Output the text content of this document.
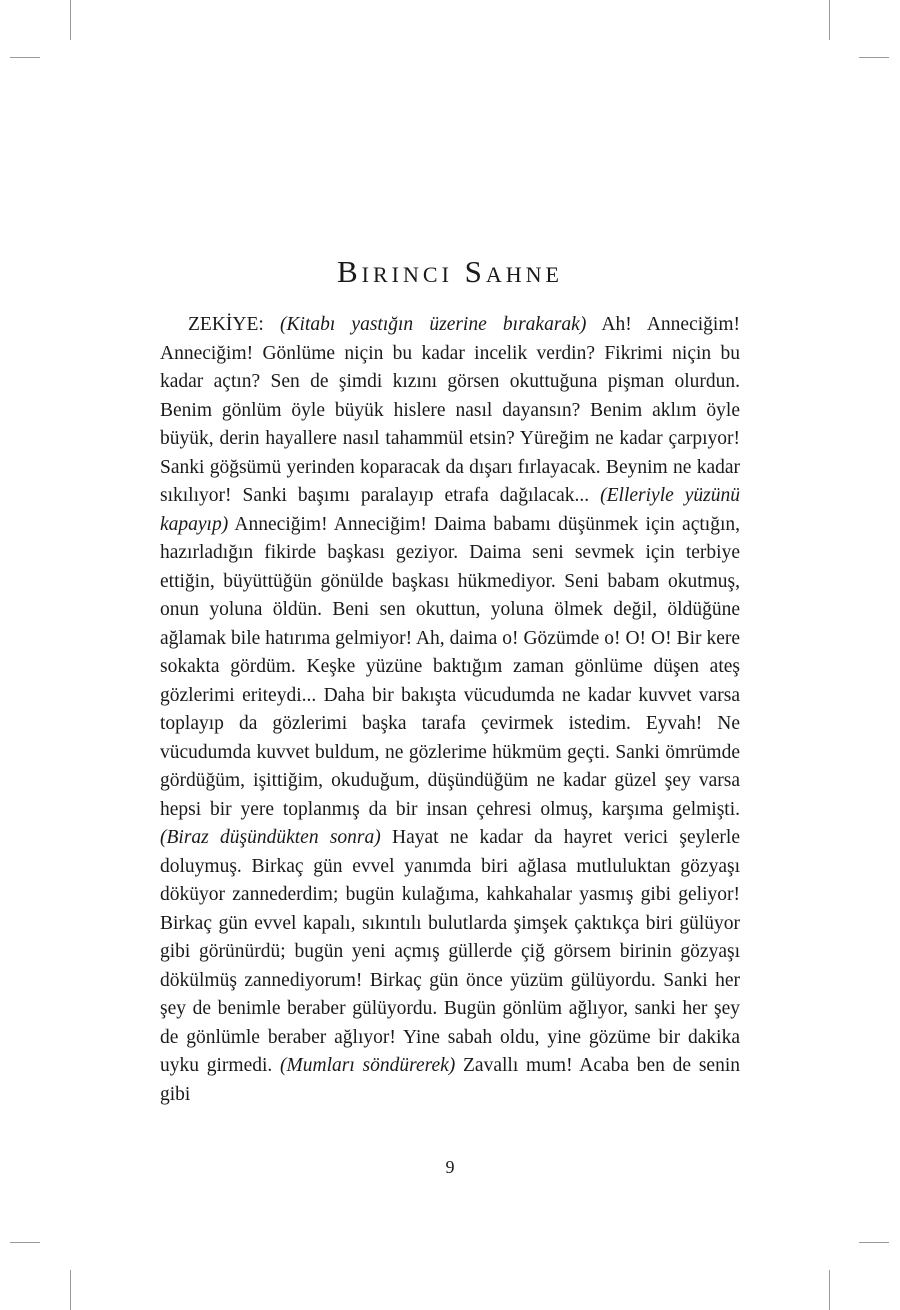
Birinci Sahne

ZEKİYE: (Kitabı yastığın üzerine bırakarak) Ah! Anneciğim! Anneciğim! Gönlüme niçin bu kadar incelik verdin? Fikrimi niçin bu kadar açtın? Sen de şimdi kızını görsen okuttuğuna pişman olurdun. Benim gönlüm öyle büyük hislere nasıl dayansın? Benim aklım öyle büyük, derin hayallere nasıl tahammül etsin? Yüreğim ne kadar çarpıyor! Sanki göğsümü yerinden koparacak da dışarı fırlayacak. Beynim ne kadar sıkılıyor! Sanki başımı paralayıp etrafa dağılacak... (Elleriyle yüzünü kapayıp) Anneciğim! Anneciğim! Daima babamı düşünmek için açtığın, hazırladığın fikirde başkası geziyor. Daima seni sevmek için terbiye ettiğin, büyüttüğün gönülde başkası hükmediyor. Seni babam okutmuş, onun yoluna öldün. Beni sen okuttun, yoluna ölmek değil, öldüğüne ağlamak bile hatırıma gelmiyor! Ah, daima o! Gözümde o! O! O! Bir kere sokakta gördüm. Keşke yüzüne baktığım zaman gönlüme düşen ateş gözlerimi eriteydi... Daha bir bakışta vücudumda ne kadar kuvvet varsa toplayıp da gözlerimi başka tarafa çevirmek istedim. Eyvah! Ne vücudumda kuvvet buldum, ne gözlerime hükmüm geçti. Sanki ömrümde gördüğüm, işittiğim, okuduğum, düşündüğüm ne kadar güzel şey varsa hepsi bir yere toplanmış da bir insan çehresi olmuş, karşıma gelmişti. (Biraz düşündükten sonra) Hayat ne kadar da hayret verici şeylerle doluymuş. Birkaç gün evvel yanımda biri ağlasa mutluluktan gözyaşı döküyor zannederdim; bugün kulağıma, kahkahalar yasmış gibi geliyor! Birkaç gün evvel kapalı, sıkıntılı bulutlarda şimşek çaktıkça biri gülüyor gibi görünürdü; bugün yeni açmış güllerde çiğ görsem birinin gözyaşı dökülmüş zannediyorum! Birkaç gün önce yüzüm gülüyordu. Sanki her şey de benimle beraber gülüyordu. Bugün gönlüm ağlıyor, sanki her şey de gönlümle beraber ağlıyor! Yine sabah oldu, yine gözüme bir dakika uyku girmedi. (Mumları söndürerek) Zavallı mum! Acaba ben de senin gibi

9
